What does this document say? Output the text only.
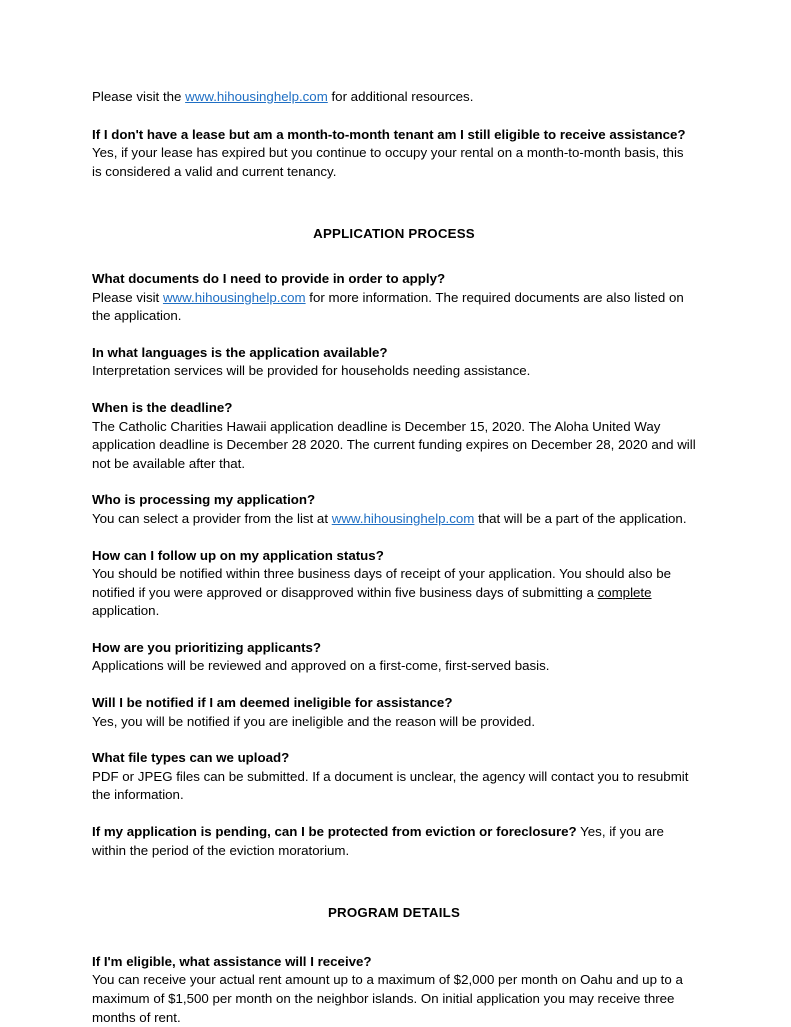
Please visit the www.hihousinghelp.com for additional resources.

If I don't have a lease but am a month-to-month tenant am I still eligible to receive assistance?

Yes, if your lease has expired but you continue to occupy your rental on a month-to-month basis, this is considered a valid and current tenancy.

APPLICATION PROCESS

What documents do I need to provide in order to apply?

Please visit www.hihousinghelp.com for more information. The required documents are also listed on the application.

In what languages is the application available?

Interpretation services will be provided for households needing assistance.

When is the deadline?

The Catholic Charities Hawaii application deadline is December 15, 2020. The Aloha United Way application deadline is December 28 2020. The current funding expires on December 28, 2020 and will not be available after that.

Who is processing my application?

You can select a provider from the list at www.hihousinghelp.com that will be a part of the application.

How can I follow up on my application status?

You should be notified within three business days of receipt of your application. You should also be notified if you were approved or disapproved within five business days of submitting a complete application.

How are you prioritizing applicants?

Applications will be reviewed and approved on a first-come, first-served basis.

Will I be notified if I am deemed ineligible for assistance?

Yes, you will be notified if you are ineligible and the reason will be provided.

What file types can we upload?

PDF or JPEG files can be submitted. If a document is unclear, the agency will contact you to resubmit the information.

If my application is pending, can I be protected from eviction or foreclosure? Yes, if you are within the period of the eviction moratorium.

PROGRAM DETAILS

If I'm eligible, what assistance will I receive?

You can receive your actual rent amount up to a maximum of $2,000 per month on Oahu and up to a maximum of $1,500 per month on the neighbor islands. On initial application you may receive three months of rent.
